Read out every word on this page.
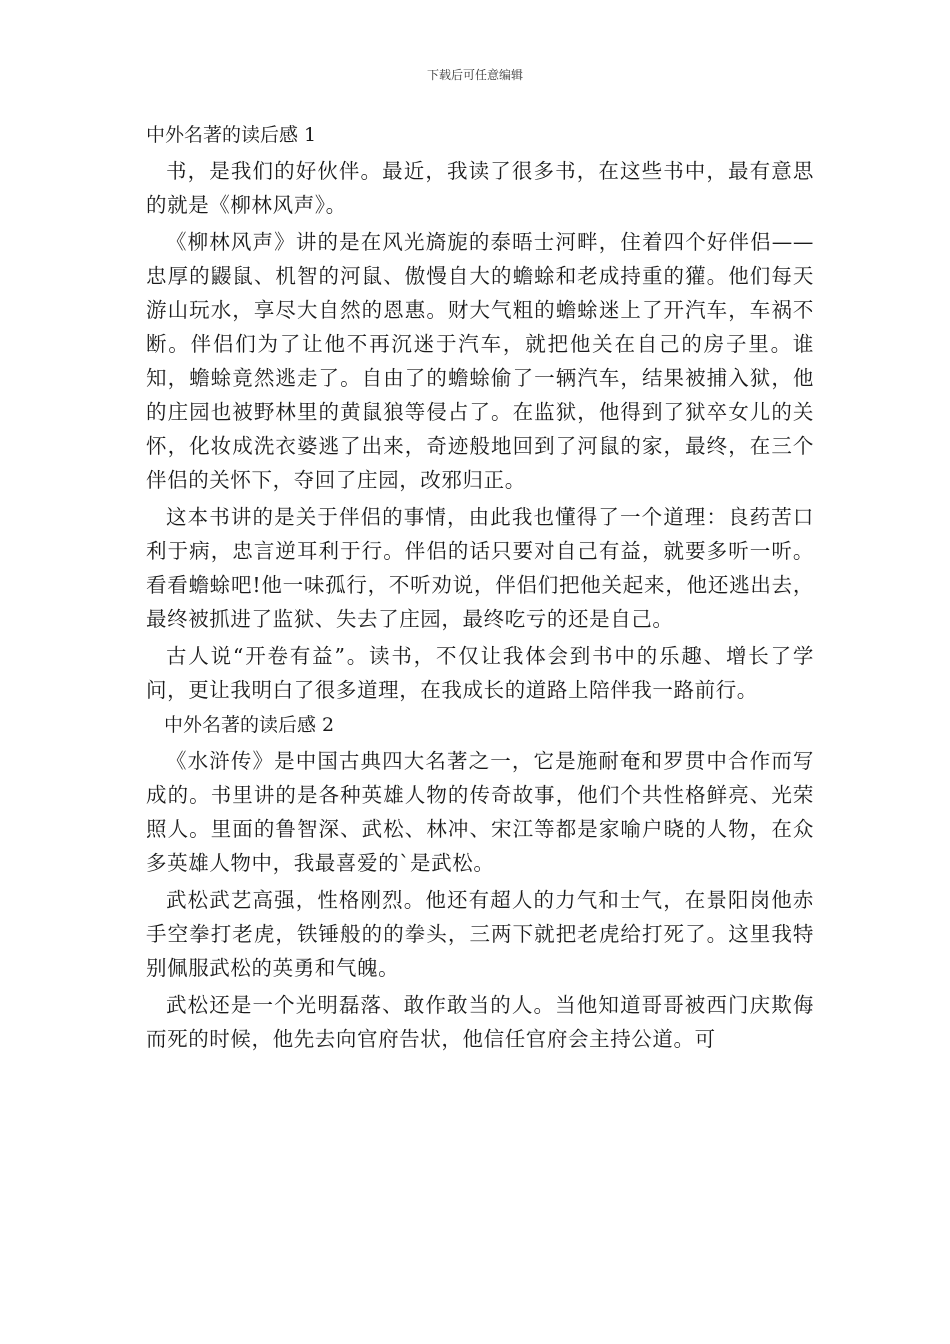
下载后可任意编辑

中外名著的读后感 1

书，是我们的好伙伴。最近，我读了很多书，在这些书中，最有意思的就是《柳林风声》。

《柳林风声》讲的是在风光旖旎的泰晤士河畔，住着四个好伴侣——忠厚的鼹鼠、机智的河鼠、傲慢自大的蟾蜍和老成持重的獾。他们每天游山玩水，享尽大自然的恩惠。财大气粗的蟾蜍迷上了开汽车，车祸不断。伴侣们为了让他不再沉迷于汽车，就把他关在自己的房子里。谁知，蟾蜍竟然逃走了。自由了的蟾蜍偷了一辆汽车，结果被捕入狱，他的庄园也被野林里的黄鼠狼等侵占了。在监狱，他得到了狱卒女儿的关怀，化妆成洗衣婆逃了出来，奇迹般地回到了河鼠的家，最终，在三个伴侣的关怀下，夺回了庄园，改邪归正。

这本书讲的是关于伴侣的事情，由此我也懂得了一个道理：良药苦口利于病，忠言逆耳利于行。伴侣的话只要对自己有益，就要多听一听。看看蟾蜍吧!他一味孤行，不听劝说，伴侣们把他关起来，他还逃出去，最终被抓进了监狱、失去了庄园，最终吃亏的还是自己。

古人说“开卷有益”。读书，不仅让我体会到书中的乐趣、增长了学问，更让我明白了很多道理，在我成长的道路上陪伴我一路前行。

中外名著的读后感 2

《水浒传》是中国古典四大名著之一，它是施耐奄和罗贯中合作而写成的。书里讲的是各种英雄人物的传奇故事，他们个共性格鲜亮、光荣照人。里面的鲁智深、武松、林冲、宋江等都是家喻户晓的人物，在众多英雄人物中，我最喜爱的`是武松。

武松武艺高强，性格刚烈。他还有超人的力气和士气，在景阳岗他赤手空拳打老虎，铁锤般的的拳头，三两下就把老虎给打死了。这里我特别佩服武松的英勇和气魄。

武松还是一个光明磊落、敢作敢当的人。当他知道哥哥被西门庆欺侮而死的时候，他先去向官府告状，他信任官府会主持公道。可
